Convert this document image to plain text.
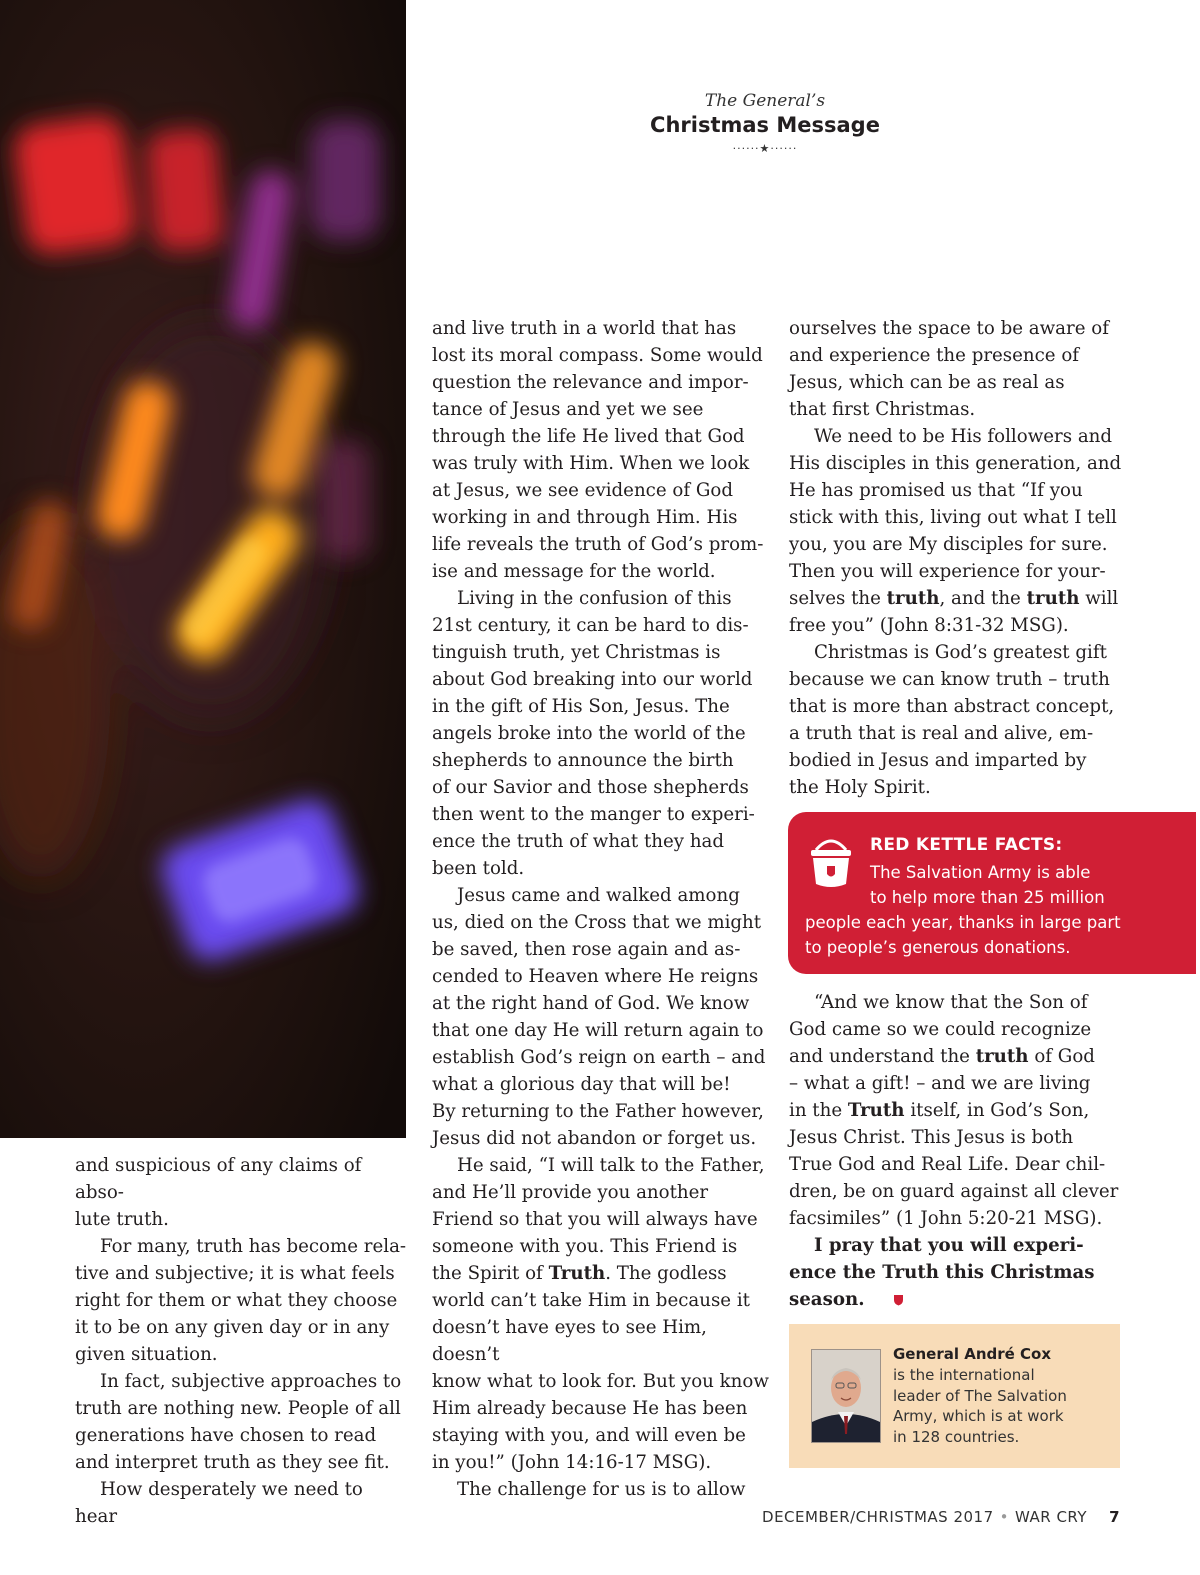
The General’s
Christmas Message
······★······

and suspicious of any claims of abso-
lute truth.

For many, truth has become rela-
tive and subjective; it is what feels
right for them or what they choose
it to be on any given day or in any
given situation.

In fact, subjective approaches to
truth are nothing new. People of all
generations have chosen to read
and interpret truth as they see fit.

How desperately we need to hear

and live truth in a world that has
lost its moral compass. Some would
question the relevance and impor-
tance of Jesus and yet we see
through the life He lived that God
was truly with Him. When we look
at Jesus, we see evidence of God
working in and through Him. His
life reveals the truth of God’s prom-
ise and message for the world.

Living in the confusion of this
21st century, it can be hard to dis-
tinguish truth, yet Christmas is
about God breaking into our world
in the gift of His Son, Jesus. The
angels broke into the world of the
shepherds to announce the birth
of our Savior and those shepherds
then went to the manger to experi-
ence the truth of what they had
been told.

Jesus came and walked among
us, died on the Cross that we might
be saved, then rose again and as-
cended to Heaven where He reigns
at the right hand of God. We know
that one day He will return again to
establish God’s reign on earth – and
what a glorious day that will be!
By returning to the Father however,
Jesus did not abandon or forget us.

He said, “I will talk to the Father,
and He’ll provide you another
Friend so that you will always have
someone with you. This Friend is
the Spirit of Truth. The godless
world can’t take Him in because it
doesn’t have eyes to see Him, doesn’t
know what to look for. But you know
Him already because He has been
staying with you, and will even be
in you!” (John 14:16-17 MSG).

The challenge for us is to allow

ourselves the space to be aware of
and experience the presence of
Jesus, which can be as real as
that first Christmas.

We need to be His followers and
His disciples in this generation, and
He has promised us that “If you
stick with this, living out what I tell
you, you are My disciples for sure.
Then you will experience for your-
selves the truth, and the truth will
free you” (John 8:31-32 MSG).

Christmas is God’s greatest gift
because we can know truth – truth
that is more than abstract concept,
a truth that is real and alive, em-
bodied in Jesus and imparted by
the Holy Spirit.

RED KETTLE FACTS:
The Salvation Army is able
to help more than 25 million
people each year, thanks in large part
to people’s generous donations.

“And we know that the Son of
God came so we could recognize
and understand the truth of God
– what a gift! – and we are living
in the Truth itself, in God’s Son,
Jesus Christ. This Jesus is both
True God and Real Life. Dear chil-
dren, be on guard against all clever
facsimiles” (1 John 5:20-21 MSG).

I pray that you will experi-
ence the Truth this Christmas
season.

General André Cox
is the international
leader of The Salvation
Army, which is at work
in 128 countries.
DECEMBER/CHRISTMAS 2017 • WAR CRY 7
